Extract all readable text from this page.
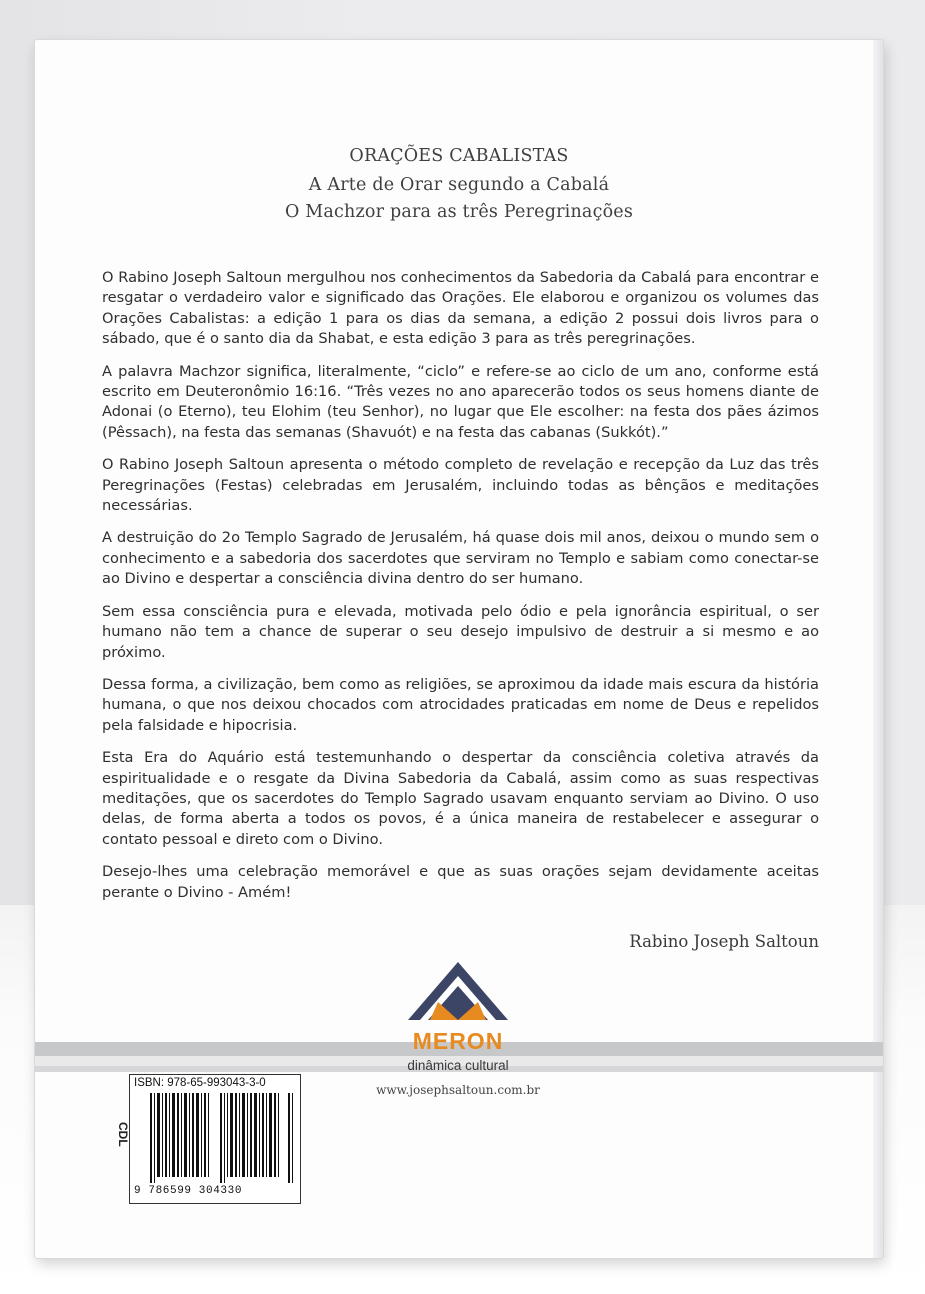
ORAÇÕES CABALISTAS
A Arte de Orar segundo a Cabalá
O Machzor para as três Peregrinações

O Rabino Joseph Saltoun mergulhou nos conhecimentos da Sabedoria da Cabalá para encontrar e resgatar o verdadeiro valor e significado das Orações. Ele elaborou e organizou os volumes das Orações Cabalistas: a edição 1 para os dias da semana, a edição 2 possui dois livros para o sábado, que é o santo dia da Shabat, e esta edição 3 para as três peregrinações.

A palavra Machzor significa, literalmente, “ciclo” e refere-se ao ciclo de um ano, conforme está escrito em Deuteronômio 16:16. “Três vezes no ano aparecerão todos os seus homens diante de Adonai (o Eterno), teu Elohim (teu Senhor), no lugar que Ele escolher: na festa dos pães ázimos (Pêssach), na festa das semanas (Shavuót) e na festa das cabanas (Sukkót).”

O Rabino Joseph Saltoun apresenta o método completo de revelação e recepção da Luz das três Peregrinações (Festas) celebradas em Jerusalém, incluindo todas as bênçãos e meditações necessárias.

A destruição do 2o Templo Sagrado de Jerusalém, há quase dois mil anos, deixou o mundo sem o conhecimento e a sabedoria dos sacerdotes que serviram no Templo e sabiam como conectar-se ao Divino e despertar a consciência divina dentro do ser humano.

Sem essa consciência pura e elevada, motivada pelo ódio e pela ignorância espiritual, o ser humano não tem a chance de superar o seu desejo impulsivo de destruir a si mesmo e ao próximo.

Dessa forma, a civilização, bem como as religiões, se aproximou da idade mais escura da história humana, o que nos deixou chocados com atrocidades praticadas em nome de Deus e repelidos pela falsidade e hipocrisia.

Esta Era do Aquário está testemunhando o despertar da consciência coletiva através da espiritualidade e o resgate da Divina Sabedoria da Cabalá, assim como as suas respectivas meditações, que os sacerdotes do Templo Sagrado usavam enquanto serviam ao Divino. O uso delas, de forma aberta a todos os povos, é a única maneira de restabelecer e assegurar o contato pessoal e direto com o Divino.

Desejo-lhes uma celebração memorável e que as suas orações sejam devidamente aceitas perante o Divino - Amém!

Rabino Joseph Saltoun
MERON
dinâmica cultural
www.josephsaltoun.com.br
ISBN: 978-65-993043-3-0
9 786599 304330
CDL
